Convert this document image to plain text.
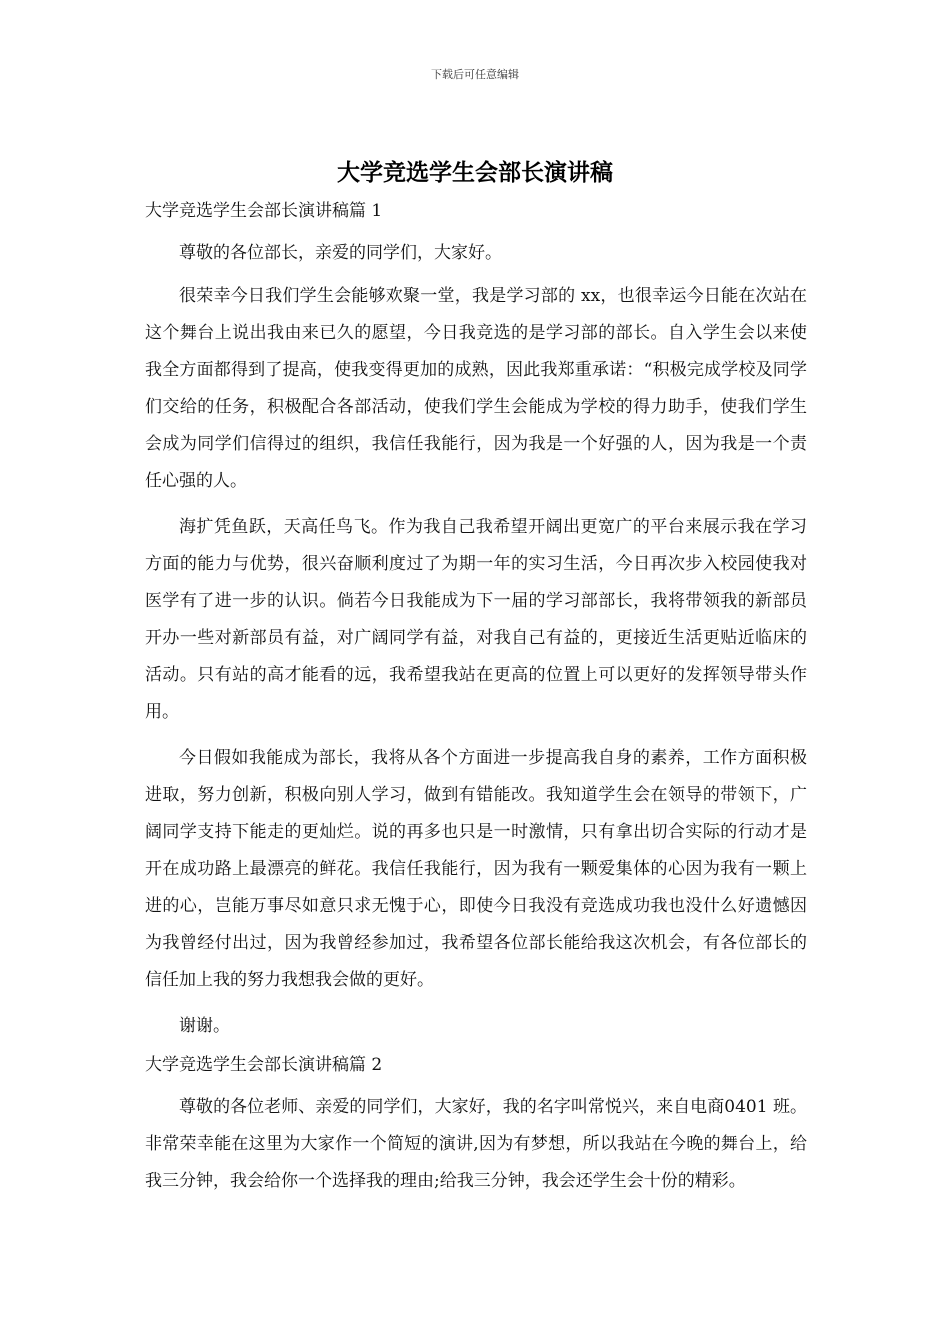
下载后可任意编辑
大学竞选学生会部长演讲稿

大学竞选学生会部长演讲稿篇 1

尊敬的各位部长，亲爱的同学们，大家好。

很荣幸今日我们学生会能够欢聚一堂，我是学习部的 xx，也很幸运今日能在次站在这个舞台上说出我由来已久的愿望，今日我竞选的是学习部的部长。自入学生会以来使我全方面都得到了提高，使我变得更加的成熟，因此我郑重承诺：“积极完成学校及同学们交给的任务，积极配合各部活动，使我们学生会能成为学校的得力助手，使我们学生会成为同学们信得过的组织，我信任我能行，因为我是一个好强的人，因为我是一个责任心强的人。

海扩凭鱼跃，天高任鸟飞。作为我自己我希望开阔出更宽广的平台来展示我在学习方面的能力与优势，很兴奋顺利度过了为期一年的实习生活，今日再次步入校园使我对医学有了进一步的认识。倘若今日我能成为下一届的学习部部长，我将带领我的新部员开办一些对新部员有益，对广阔同学有益，对我自己有益的，更接近生活更贴近临床的活动。只有站的高才能看的远，我希望我站在更高的位置上可以更好的发挥领导带头作用。

今日假如我能成为部长，我将从各个方面进一步提高我自身的素养，工作方面积极进取，努力创新，积极向别人学习，做到有错能改。我知道学生会在领导的带领下，广阔同学支持下能走的更灿烂。说的再多也只是一时激情，只有拿出切合实际的行动才是开在成功路上最漂亮的鲜花。我信任我能行，因为我有一颗爱集体的心因为我有一颗上进的心，岂能万事尽如意只求无愧于心，即使今日我没有竞选成功我也没什么好遗憾因为我曾经付出过，因为我曾经参加过，我希望各位部长能给我这次机会，有各位部长的信任加上我的努力我想我会做的更好。

谢谢。

大学竞选学生会部长演讲稿篇 2

尊敬的各位老师、亲爱的同学们，大家好，我的名字叫常悦兴，来自电商0401 班。非常荣幸能在这里为大家作一个简短的演讲,因为有梦想，所以我站在今晚的舞台上，给我三分钟，我会给你一个选择我的理由;给我三分钟，我会还学生会十份的精彩。
